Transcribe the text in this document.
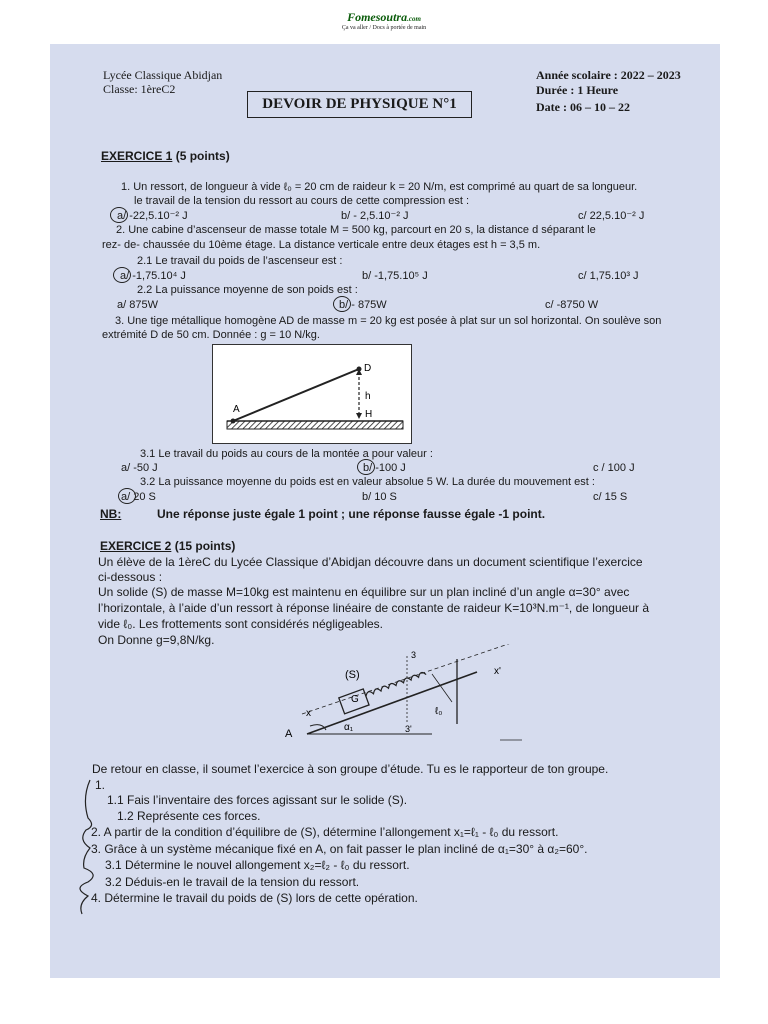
Fomesoutra.com
Ça va aller / Docs à portée de main
Lycée Classique Abidjan
Classe: 1èreC2
Année scolaire : 2022 – 2023
Durée : 1 Heure
Date : 06 – 10 – 22
DEVOIR DE PHYSIQUE N°1
EXERCICE 1 (5 points)
1. Un ressort, de longueur à vide ℓ₀ = 20 cm de raideur k = 20 N/m, est comprimé au quart de sa longueur.
le travail de la tension du ressort au cours de cette compression est :
a/ -22,5.10⁻² J	b/ - 2,5.10⁻² J	c/ 22,5.10⁻² J
2. Une cabine d’ascenseur de masse totale M = 500 kg, parcourt en 20 s, la distance d séparant le
rez- de- chaussée du 10ème étage. La distance verticale entre deux étages est h = 3,5 m.
2.1 Le travail du poids de l’ascenseur est :
a/ -1,75.10⁴ J	b/ -1,75.10⁵ J	c/ 1,75.10³ J
2.2 La puissance moyenne de son poids est :
a/ 875W	b/ - 875W	c/ -8750 W
3. Une tige métallique homogène AD de masse m = 20 kg est posée à plat sur un sol horizontal. On soulève son
extrémité D de 50 cm. Donnée : g = 10 N/kg.
A
D
h
H
3.1 Le travail du poids au cours de la montée a pour valeur :
a/ -50 J	b/ -100 J	c / 100 J
3.2 La puissance moyenne du poids est en valeur absolue 5 W. La durée du mouvement est :
a/ 20 S	b/ 10 S	c/ 15 S
NB:	Une réponse juste égale 1 point ; une réponse fausse égale -1 point.
EXERCICE 2 (15 points)
Un élève de la 1èreC du Lycée Classique d’Abidjan découvre dans un document scientifique l’exercice
ci-dessous :
Un solide (S) de masse M=10kg est maintenu en équilibre sur un plan incliné d’un angle α=30° avec
l’horizontale, à l’aide d’un ressort à réponse linéaire de constante de raideur K=10³N.m⁻¹, de longueur à
vide ℓ₀. Les frottements sont considérés négligeables.
On Donne g=9,8N/kg.
(S)
G
A
α₁
ℓ₀
x
x'
3
3'
De retour en classe, il soumet l’exercice à son groupe d’étude. Tu es le rapporteur de ton groupe.
1.
1.1 Fais l’inventaire des forces agissant sur le solide (S).
1.2 Représente ces forces.
2. A partir de la condition d’équilibre de (S), détermine l’allongement x₁=ℓ₁ - ℓ₀ du ressort.
3. Grâce à un système mécanique fixé en A, on fait passer le plan incliné de α₁=30° à α₂=60°.
3.1 Détermine le nouvel allongement x₂=ℓ₂ - ℓ₀ du ressort.
3.2 Déduis-en le travail de la tension du ressort.
4. Détermine le travail du poids de (S) lors de cette opération.
